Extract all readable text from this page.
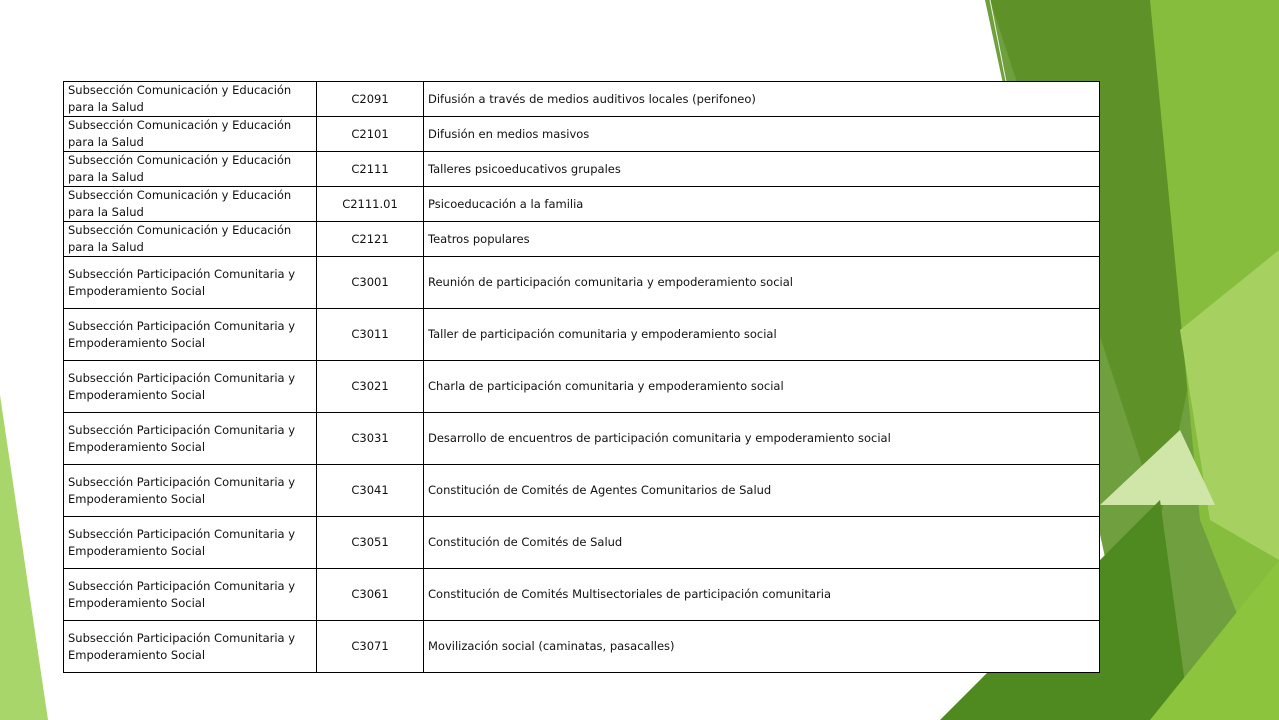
Subsección Comunicación y Educación para la Salud	C2091	Difusión a través de medios auditivos locales (perifoneo)
Subsección Comunicación y Educación para la Salud	C2101	Difusión en medios masivos
Subsección Comunicación y Educación para la Salud	C2111	Talleres psicoeducativos grupales
Subsección Comunicación y Educación para la Salud	C2111.01	Psicoeducación a la familia
Subsección Comunicación y Educación para la Salud	C2121	Teatros populares
Subsección Participación Comunitaria y Empoderamiento Social	C3001	Reunión de participación comunitaria y empoderamiento social
Subsección Participación Comunitaria y Empoderamiento Social	C3011	Taller de participación comunitaria y empoderamiento social
Subsección Participación Comunitaria y Empoderamiento Social	C3021	Charla de participación comunitaria y empoderamiento social
Subsección Participación Comunitaria y Empoderamiento Social	C3031	Desarrollo de encuentros de participación comunitaria y empoderamiento social
Subsección Participación Comunitaria y Empoderamiento Social	C3041	Constitución de Comités de Agentes Comunitarios de Salud
Subsección Participación Comunitaria y Empoderamiento Social	C3051	Constitución de Comités de Salud
Subsección Participación Comunitaria y Empoderamiento Social	C3061	Constitución de Comités Multisectoriales de participación comunitaria
Subsección Participación Comunitaria y Empoderamiento Social	C3071	Movilización social (caminatas, pasacalles)
